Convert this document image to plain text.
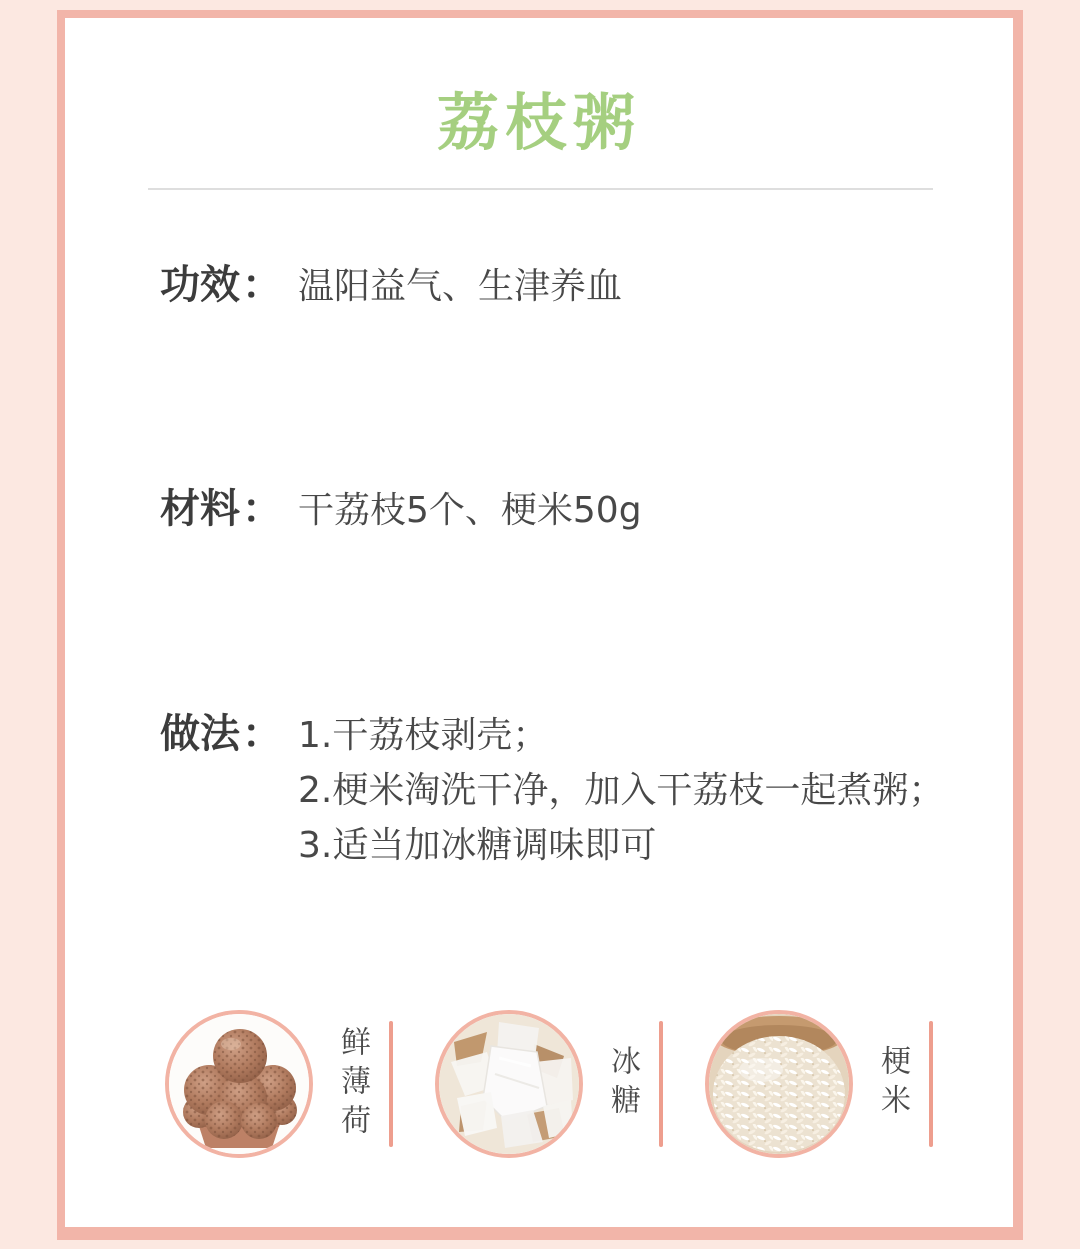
荔枝粥
功效： 温阳益气、生津养血
材料： 干荔枝5个、梗米50g
做法： 1.干荔枝剥壳；
2.梗米淘洗干净，加入干荔枝一起煮粥；
3.适当加冰糖调味即可
鲜薄荷	冰糖	梗米
